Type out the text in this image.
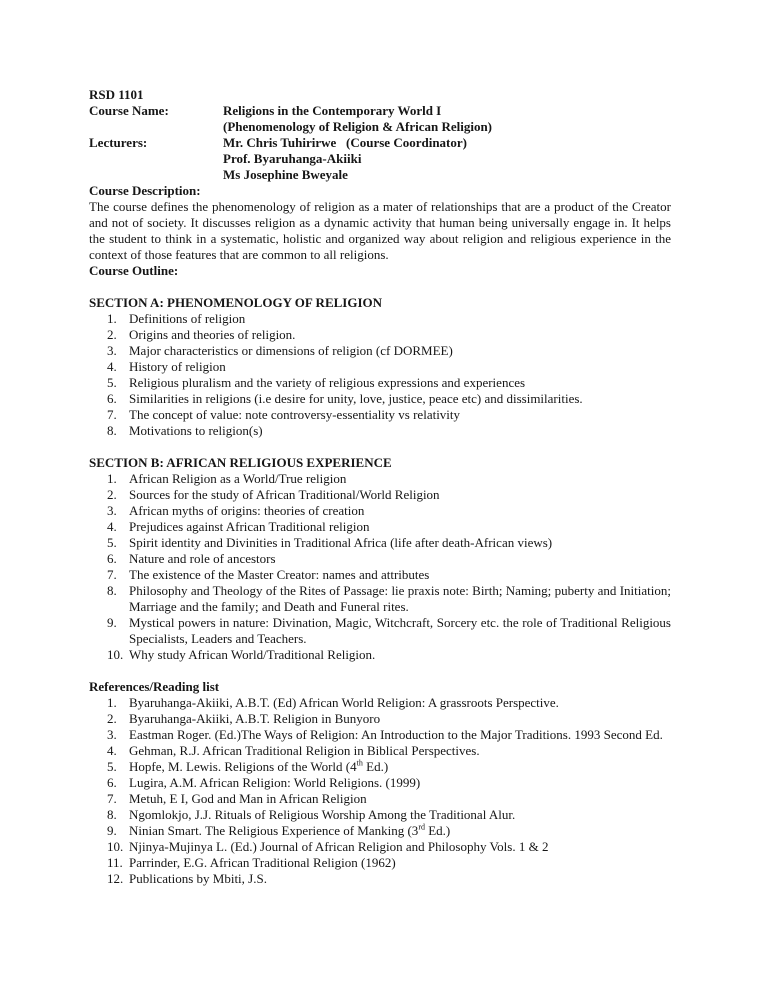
RSD 1101
Course Name:	Religions in the Contemporary World I
(Phenomenology of Religion & African Religion)
Lecturers:	Mr. Chris Tuhirirwe   (Course Coordinator)
Prof. Byaruhanga-Akiiki
Ms Josephine Bweyale
Course Description:
The course defines the phenomenology of religion as a mater of relationships that are a product of the Creator and not of society. It discusses religion as a dynamic activity that human being universally engage in. It helps the student to think in a systematic, holistic and organized way about religion and religious experience in the context of those features that are common to all religions.
Course Outline:
SECTION A: PHENOMENOLOGY OF RELIGION
1. Definitions of religion
2. Origins and theories of religion.
3. Major characteristics or dimensions of religion (cf DORMEE)
4. History of religion
5. Religious pluralism and the variety of religious expressions and experiences
6. Similarities in religions (i.e desire for unity, love, justice, peace etc) and dissimilarities.
7. The concept of value: note controversy-essentiality vs relativity
8. Motivations to religion(s)
SECTION B: AFRICAN RELIGIOUS EXPERIENCE
1. African Religion as a World/True religion
2. Sources for the study of African Traditional/World Religion
3. African myths of origins: theories of creation
4. Prejudices against African Traditional religion
5. Spirit identity and Divinities in Traditional Africa (life after death-African views)
6. Nature and role of ancestors
7. The existence of the Master Creator: names and attributes
8. Philosophy and Theology of the Rites of Passage: lie praxis note: Birth; Naming; puberty and Initiation; Marriage and the family; and Death and Funeral rites.
9. Mystical powers in nature: Divination, Magic, Witchcraft, Sorcery etc. the role of Traditional Religious Specialists, Leaders and Teachers.
10. Why study African World/Traditional Religion.
References/Reading list
1. Byaruhanga-Akiiki, A.B.T. (Ed) African World Religion: A grassroots Perspective.
2. Byaruhanga-Akiiki, A.B.T. Religion in Bunyoro
3. Eastman Roger. (Ed.)The Ways of Religion: An Introduction to the Major Traditions. 1993 Second Ed.
4. Gehman, R.J. African Traditional Religion in Biblical Perspectives.
5. Hopfe, M. Lewis. Religions of the World (4th Ed.)
6. Lugira, A.M. African Religion: World Religions. (1999)
7. Metuh, E I, God and Man in African Religion
8. Ngomlokjo, J.J. Rituals of Religious Worship Among the Traditional Alur.
9. Ninian Smart. The Religious Experience of Manking (3rd Ed.)
10. Njinya-Mujinya L. (Ed.) Journal of African Religion and Philosophy Vols. 1 & 2
11. Parrinder, E.G. African Traditional Religion (1962)
12. Publications by Mbiti, J.S.
